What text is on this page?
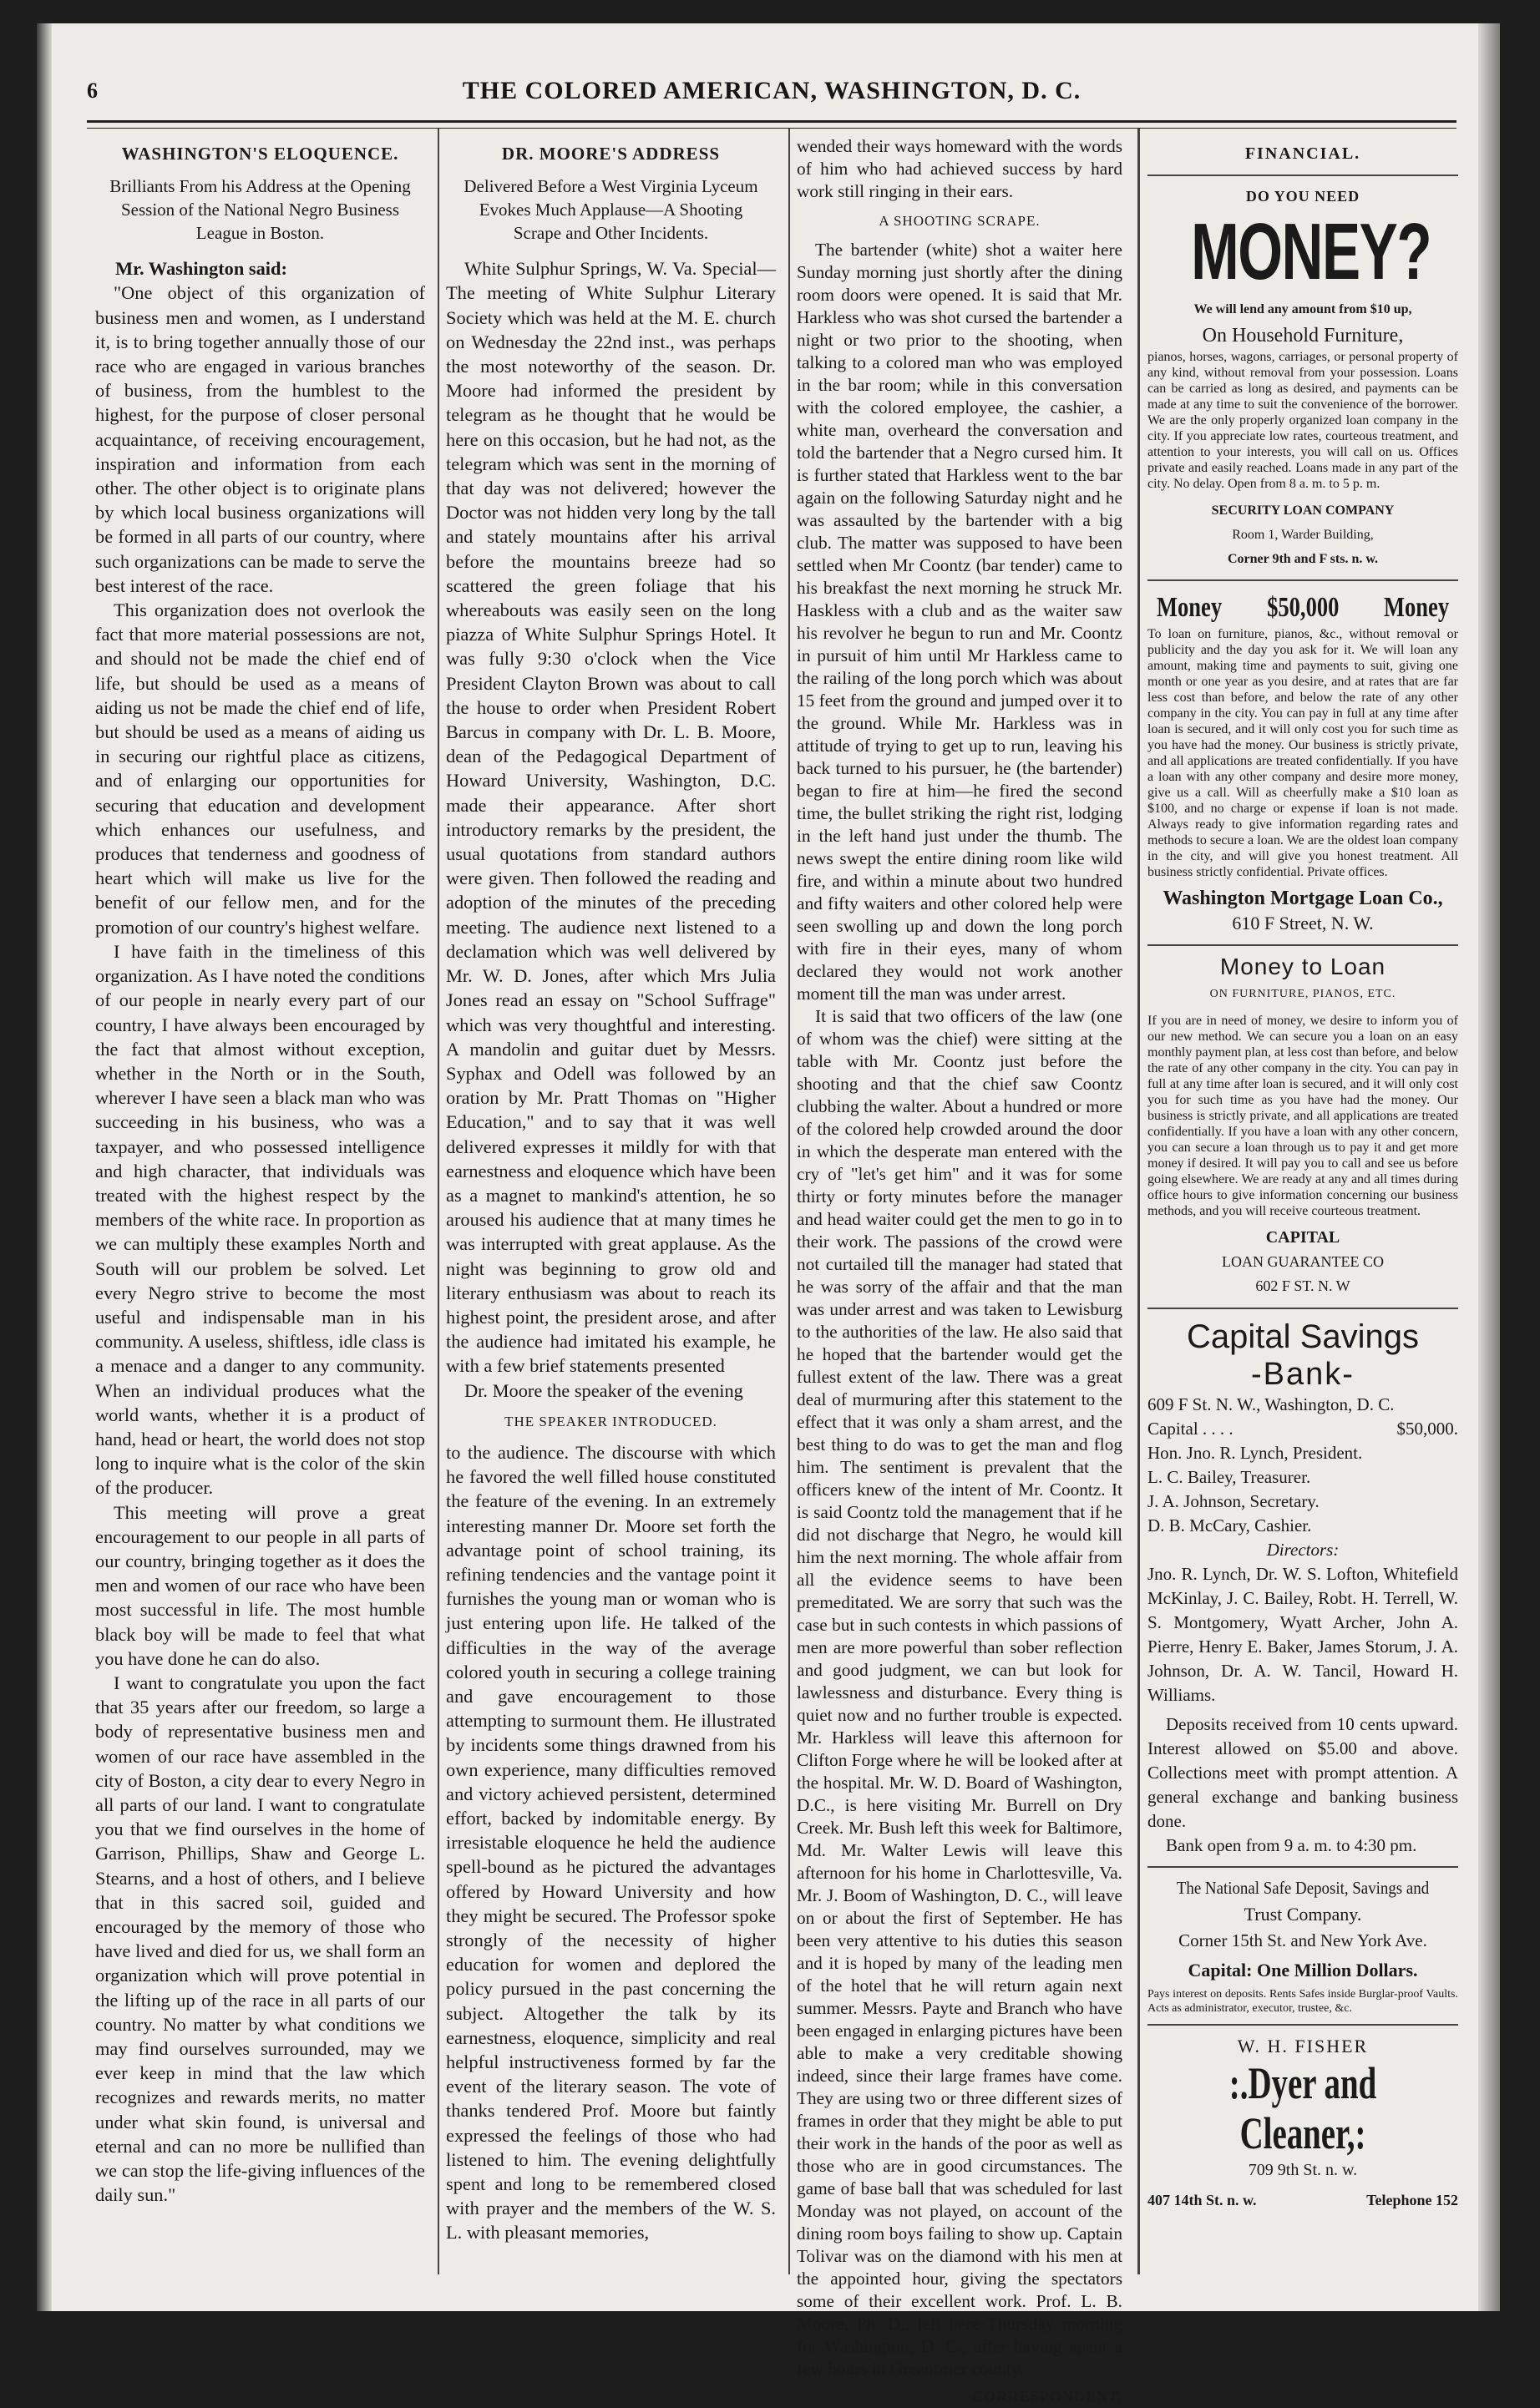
6	THE COLORED AMERICAN, WASHINGTON, D. C.
WASHINGTON'S ELOQUENCE.
Brilliants From his Address at the Opening Session of the National Negro Business League in Boston.

Mr. Washington said:

"One object of this organization of business men and women, as I understand it, is to bring together annually those of our race who are engaged in various branches of business, from the humblest to the highest, for the purpose of closer personal acquaintance, of receiving encouragement, inspiration and information from each other. The other object is to originate plans by which local business organizations will be formed in all parts of our country, where such organizations can be made to serve the best interest of the race.

This organization does not overlook the fact that more material possessions are not, and should not be made the chief end of life, but should be used as a means of aiding us not be made the chief end of life, but should be used as a means of aiding us in securing our rightful place as citizens, and of enlarging our opportunities for securing that education and development which enhances our usefulness, and produces that tenderness and goodness of heart which will make us live for the benefit of our fellow men, and for the promotion of our country's highest welfare.

I have faith in the timeliness of this organization. As I have noted the conditions of our people in nearly every part of our country, I have always been encouraged by the fact that almost without exception, whether in the North or in the South, wherever I have seen a black man who was succeeding in his business, who was a taxpayer, and who possessed intelligence and high character, that individuals was treated with the highest respect by the members of the white race. In proportion as we can multiply these examples North and South will our problem be solved. Let every Negro strive to become the most useful and indispensable man in his community. A useless, shiftless, idle class is a menace and a danger to any community. When an individual produces what the world wants, whether it is a product of hand, head or heart, the world does not stop long to inquire what is the color of the skin of the producer.

This meeting will prove a great encouragement to our people in all parts of our country, bringing together as it does the men and women of our race who have been most successful in life. The most humble black boy will be made to feel that what you have done he can do also.

I want to congratulate you upon the fact that 35 years after our freedom, so large a body of representative business men and women of our race have assembled in the city of Boston, a city dear to every Negro in all parts of our land. I want to congratulate you that we find ourselves in the home of Garrison, Phillips, Shaw and George L. Stearns, and a host of others, and I believe that in this sacred soil, guided and encouraged by the memory of those who have lived and died for us, we shall form an organization which will prove potential in the lifting up of the race in all parts of our country. No matter by what conditions we may find ourselves surrounded, may we ever keep in mind that the law which recognizes and rewards merits, no matter under what skin found, is universal and eternal and can no more be nullified than we can stop the life-giving influences of the daily sun."

DR. MOORE'S ADDRESS
Delivered Before a West Virginia Lyceum Evokes Much Applause—A Shooting Scrape and Other Incidents.

White Sulphur Springs, W. Va. Special—The meeting of White Sulphur Literary Society which was held at the M. E. church on Wednesday the 22nd inst., was perhaps the most noteworthy of the season. Dr. Moore had informed the president by telegram as he thought that he would be here on this occasion, but he had not, as the telegram which was sent in the morning of that day was not delivered; however the Doctor was not hidden very long by the tall and stately mountains after his arrival before the mountains breeze had so scattered the green foliage that his whereabouts was easily seen on the long piazza of White Sulphur Springs Hotel. It was fully 9:30 o'clock when the Vice President Clayton Brown was about to call the house to order when President Robert Barcus in company with Dr. L. B. Moore, dean of the Pedagogical Department of Howard University, Washington, D.C. made their appearance. After short introductory remarks by the president, the usual quotations from standard authors were given. Then followed the reading and adoption of the minutes of the preceding meeting. The audience next listened to a declamation which was well delivered by Mr. W. D. Jones, after which Mrs Julia Jones read an essay on "School Suffrage" which was very thoughtful and interesting. A mandolin and guitar duet by Messrs. Syphax and Odell was followed by an oration by Mr. Pratt Thomas on "Higher Education," and to say that it was well delivered expresses it mildly for with that earnestness and eloquence which have been as a magnet to mankind's attention, he so aroused his audience that at many times he was interrupted with great applause. As the night was beginning to grow old and literary enthusiasm was about to reach its highest point, the president arose, and after the audience had imitated his example, he with a few brief statements presented

Dr. Moore the speaker of the evening

THE SPEAKER INTRODUCED.

to the audience. The discourse with which he favored the well filled house constituted the feature of the evening. In an extremely interesting manner Dr. Moore set forth the advantage point of school training, its refining tendencies and the vantage point it furnishes the young man or woman who is just entering upon life. He talked of the difficulties in the way of the average colored youth in securing a college training and gave encouragement to those attempting to surmount them. He illustrated by incidents some things drawned from his own experience, many difficulties removed and victory achieved persistent, determined effort, backed by indomitable energy. By irresistable eloquence he held the audience spell-bound as he pictured the advantages offered by Howard University and how they might be secured. The Professor spoke strongly of the necessity of higher education for women and deplored the policy pursued in the past concerning the subject. Altogether the talk by its earnestness, eloquence, simplicity and real helpful instructiveness formed by far the event of the literary season. The vote of thanks tendered Prof. Moore but faintly expressed the feelings of those who had listened to him. The evening delightfully spent and long to be remembered closed with prayer and the members of the W. S. L. with pleasant memories,

wended their ways homeward with the words of him who had achieved success by hard work still ringing in their ears.

A SHOOTING SCRAPE.

The bartender (white) shot a waiter here Sunday morning just shortly after the dining room doors were opened. It is said that Mr. Harkless who was shot cursed the bartender a night or two prior to the shooting, when talking to a colored man who was employed in the bar room; while in this conversation with the colored employee, the cashier, a white man, overheard the conversation and told the bartender that a Negro cursed him. It is further stated that Harkless went to the bar again on the following Saturday night and he was assaulted by the bartender with a big club. The matter was supposed to have been settled when Mr Coontz (bar tender) came to his breakfast the next morning he struck Mr. Haskless with a club and as the waiter saw his revolver he begun to run and Mr. Coontz in pursuit of him until Mr Harkless came to the railing of the long porch which was about 15 feet from the ground and jumped over it to the ground. While Mr. Harkless was in attitude of trying to get up to run, leaving his back turned to his pursuer, he (the bartender) began to fire at him—he fired the second time, the bullet striking the right rist, lodging in the left hand just under the thumb. The news swept the entire dining room like wild fire, and within a minute about two hundred and fifty waiters and other colored help were seen swolling up and down the long porch with fire in their eyes, many of whom declared they would not work another moment till the man was under arrest.

It is said that two officers of the law (one of whom was the chief) were sitting at the table with Mr. Coontz just before the shooting and that the chief saw Coontz clubbing the walter. About a hundred or more of the colored help crowded around the door in which the desperate man entered with the cry of "let's get him" and it was for some thirty or forty minutes before the manager and head waiter could get the men to go in to their work. The passions of the crowd were not curtailed till the manager had stated that he was sorry of the affair and that the man was under arrest and was taken to Lewisburg to the authorities of the law. He also said that he hoped that the bartender would get the fullest extent of the law. There was a great deal of murmuring after this statement to the effect that it was only a sham arrest, and the best thing to do was to get the man and flog him. The sentiment is prevalent that the officers knew of the intent of Mr. Coontz. It is said Coontz told the management that if he did not discharge that Negro, he would kill him the next morning. The whole affair from all the evidence seems to have been premeditated. We are sorry that such was the case but in such contests in which passions of men are more powerful than sober reflection and good judgment, we can but look for lawlessness and disturbance. Every thing is quiet now and no further trouble is expected. Mr. Harkless will leave this afternoon for Clifton Forge where he will be looked after at the hospital. Mr. W. D. Board of Washington, D.C., is here visiting Mr. Burrell on Dry Creek. Mr. Bush left this week for Baltimore, Md. Mr. Walter Lewis will leave this afternoon for his home in Charlottesville, Va. Mr. J. Boom of Washington, D. C., will leave on or about the first of September. He has been very attentive to his duties this season and it is hoped by many of the leading men of the hotel that he will return again next summer. Messrs. Payte and Branch who have been engaged in enlarging pictures have been able to make a very creditable showing indeed, since their large frames have come. They are using two or three different sizes of frames in order that they might be able to put their work in the hands of the poor as well as those who are in good circumstances. The game of base ball that was scheduled for last Monday was not played, on account of the dining room boys failing to show up. Captain Tolivar was on the diamond with his men at the appointed hour, giving the spectators some of their excellent work. Prof. L. B. Moore, Ph. D., left here Thursday morning for Washington, D. C., after having spent a few hours in Greenbrier county.

CORRESPONDENT.
FINANCIAL.
DO YOU NEED
MONEY?
We will lend any amount from $10 up,
On Household Furniture,
pianos, horses, wagons, carriages, or personal property of any kind, without removal from your possession. Loans can be carried as long as desired, and payments can be made at any time to suit the convenience of the borrower. We are the only properly organized loan company in the city. If you appreciate low rates, courteous treatment, and attention to your interests, you will call on us. Offices private and easily reached. Loans made in any part of the city. No delay. Open from 8 a. m. to 5 p. m.
SECURITY LOAN COMPANY
Room 1, Warder Building,
Corner 9th and F sts. n. w.
Money $50,000 Money
To loan on furniture, pianos, &c., without removal or publicity and the day you ask for it. We will loan any amount, making time and payments to suit, giving one month or one year as you desire, and at rates that are far less cost than before, and below the rate of any other company in the city. You can pay in full at any time after loan is secured, and it will only cost you for such time as you have had the money. Our business is strictly private, and all applications are treated confidentially. If you have a loan with any other company and desire more money, give us a call. Will as cheerfully make a $10 loan as $100, and no charge or expense if loan is not made. Always ready to give information regarding rates and methods to secure a loan. We are the oldest loan company in the city, and will give you honest treatment. All business strictly confidential. Private offices.
Washington Mortgage Loan Co.,
610 F Street, N. W.
Money to Loan
ON FURNITURE, PIANOS, ETC.
If you are in need of money, we desire to inform you of our new method. We can secure you a loan on an easy monthly payment plan, at less cost than before, and below the rate of any other company in the city. You can pay in full at any time after loan is secured, and it will only cost you for such time as you have had the money. Our business is strictly private, and all applications are treated confidentially. If you have a loan with any other concern, you can secure a loan through us to pay it and get more money if desired. It will pay you to call and see us before going elsewhere. We are ready at any and all times during office hours to give information concerning our business methods, and you will receive courteous treatment.
CAPITAL
LOAN GUARANTEE CO
602 F ST. N. W
Capital Savings
-Bank-
609 F St. N. W., Washington, D. C.
Capital . . . .	$50,000.
Hon. Jno. R. Lynch, President.
L. C. Bailey, Treasurer.
J. A. Johnson, Secretary.
D. B. McCary, Cashier.
Directors:
Jno. R. Lynch, Dr. W. S. Lofton, Whitefield McKinlay, J. C. Bailey, Robt. H. Terrell, W. S. Montgomery, Wyatt Archer, John A. Pierre, Henry E. Baker, James Storum, J. A. Johnson, Dr. A. W. Tancil, Howard H. Williams.
Deposits received from 10 cents upward. Interest allowed on $5.00 and above. Collections meet with prompt attention. A general exchange and banking business done.
Bank open from 9 a. m. to 4:30 pm.
The National Safe Deposit, Savings and
Trust Company.
Corner 15th St. and New York Ave.
Capital: One Million Dollars.
Pays interest on deposits. Rents Safes inside Burglar-proof Vaults. Acts as administrator, executor, trustee, &c.
W. H. FISHER
:.Dyer and Cleaner,:
709 9th St. n. w.
407 14th St. n. w.	Telephone 152
